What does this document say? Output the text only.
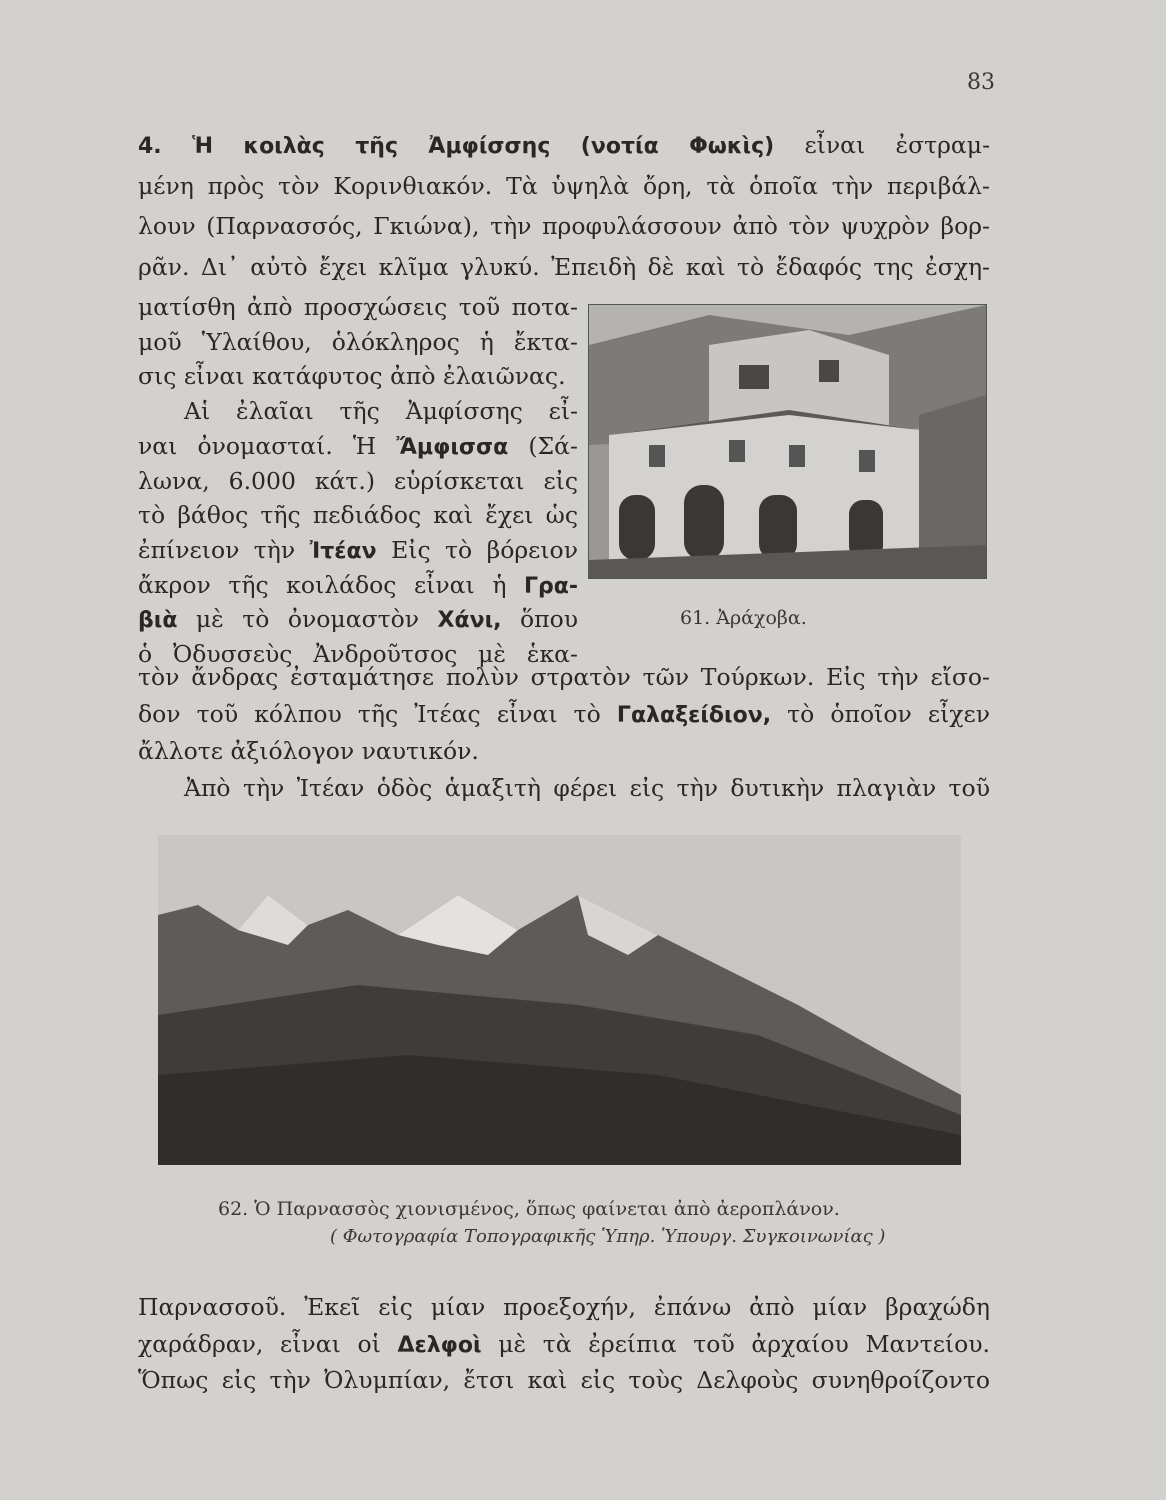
83
4. Ἡ κοιλὰς τῆς Ἀμφίσσης (νοτία Φωκὶς) εἶναι ἐστραμ-
μένη πρὸς τὸν Κορινθιακόν. Τὰ ὑψηλὰ ὄρη, τὰ ὁποῖα τὴν περιβάλ-
λουν (Παρνασσός, Γκιώνα), τὴν προφυλάσσουν ἀπὸ τὸν ψυχρὸν βορ-
ρᾶν. Δι᾽ αὐτὸ ἔχει κλῖμα γλυκύ. Ἐπειδὴ δὲ καὶ τὸ ἔδαφός της ἐσχη-
ματίσθη ἀπὸ προσχώσεις τοῦ ποτα-
μοῦ Ὑλαίθου, ὁλόκληρος ἡ ἔκτα-
σις εἶναι κατάφυτος ἀπὸ ἐλαιῶνας.
Αἱ ἐλαῖαι τῆς Ἀμφίσσης εἶ-
ναι ὀνομασταί. Ἡ Ἄμφισσα (Σά-
λωνα, 6.000 κάτ.) εὑρίσκεται εἰς
τὸ βάθος τῆς πεδιάδος καὶ ἔχει ὡς
ἐπίνειον τὴν Ἰτέαν Εἰς τὸ βόρειον
ἄκρον τῆς κοιλάδος εἶναι ἡ Γρα-
βιὰ μὲ τὸ ὀνομαστὸν Χάνι, ὅπου
ὁ Ὀδυσσεὺς Ἀνδροῦτσος μὲ ἑκα-
τὸν ἄνδρας ἐσταμάτησε πολὺν στρατὸν τῶν Τούρκων. Εἰς τὴν εἴσο-
δον τοῦ κόλπου τῆς Ἰτέας εἶναι τὸ Γαλαξείδιον, τὸ ὁποῖον εἶχεν
ἄλλοτε ἀξιόλογον ναυτικόν.
Ἀπὸ τὴν Ἰτέαν ὁδὸς ἁμαξιτὴ φέρει εἰς τὴν δυτικὴν πλαγιὰν τοῦ
Παρνασσοῦ. Ἐκεῖ εἰς μίαν προεξοχήν, ἐπάνω ἀπὸ μίαν βραχώδη
χαράδραν, εἶναι οἱ Δελφοὶ μὲ τὰ ἐρείπια τοῦ ἀρχαίου Μαντείου.
Ὅπως εἰς τὴν Ὀλυμπίαν, ἔτσι καὶ εἰς τοὺς Δελφοὺς συνηθροίζοντο
61. Ἀράχοβα.
62. Ὁ Παρνασσὸς χιονισμένος, ὅπως φαίνεται ἀπὸ ἀεροπλάνον.
( Φωτογραφία Τοπογραφικῆς Ὑπηρ. Ὑπουργ. Συγκοινωνίας )
